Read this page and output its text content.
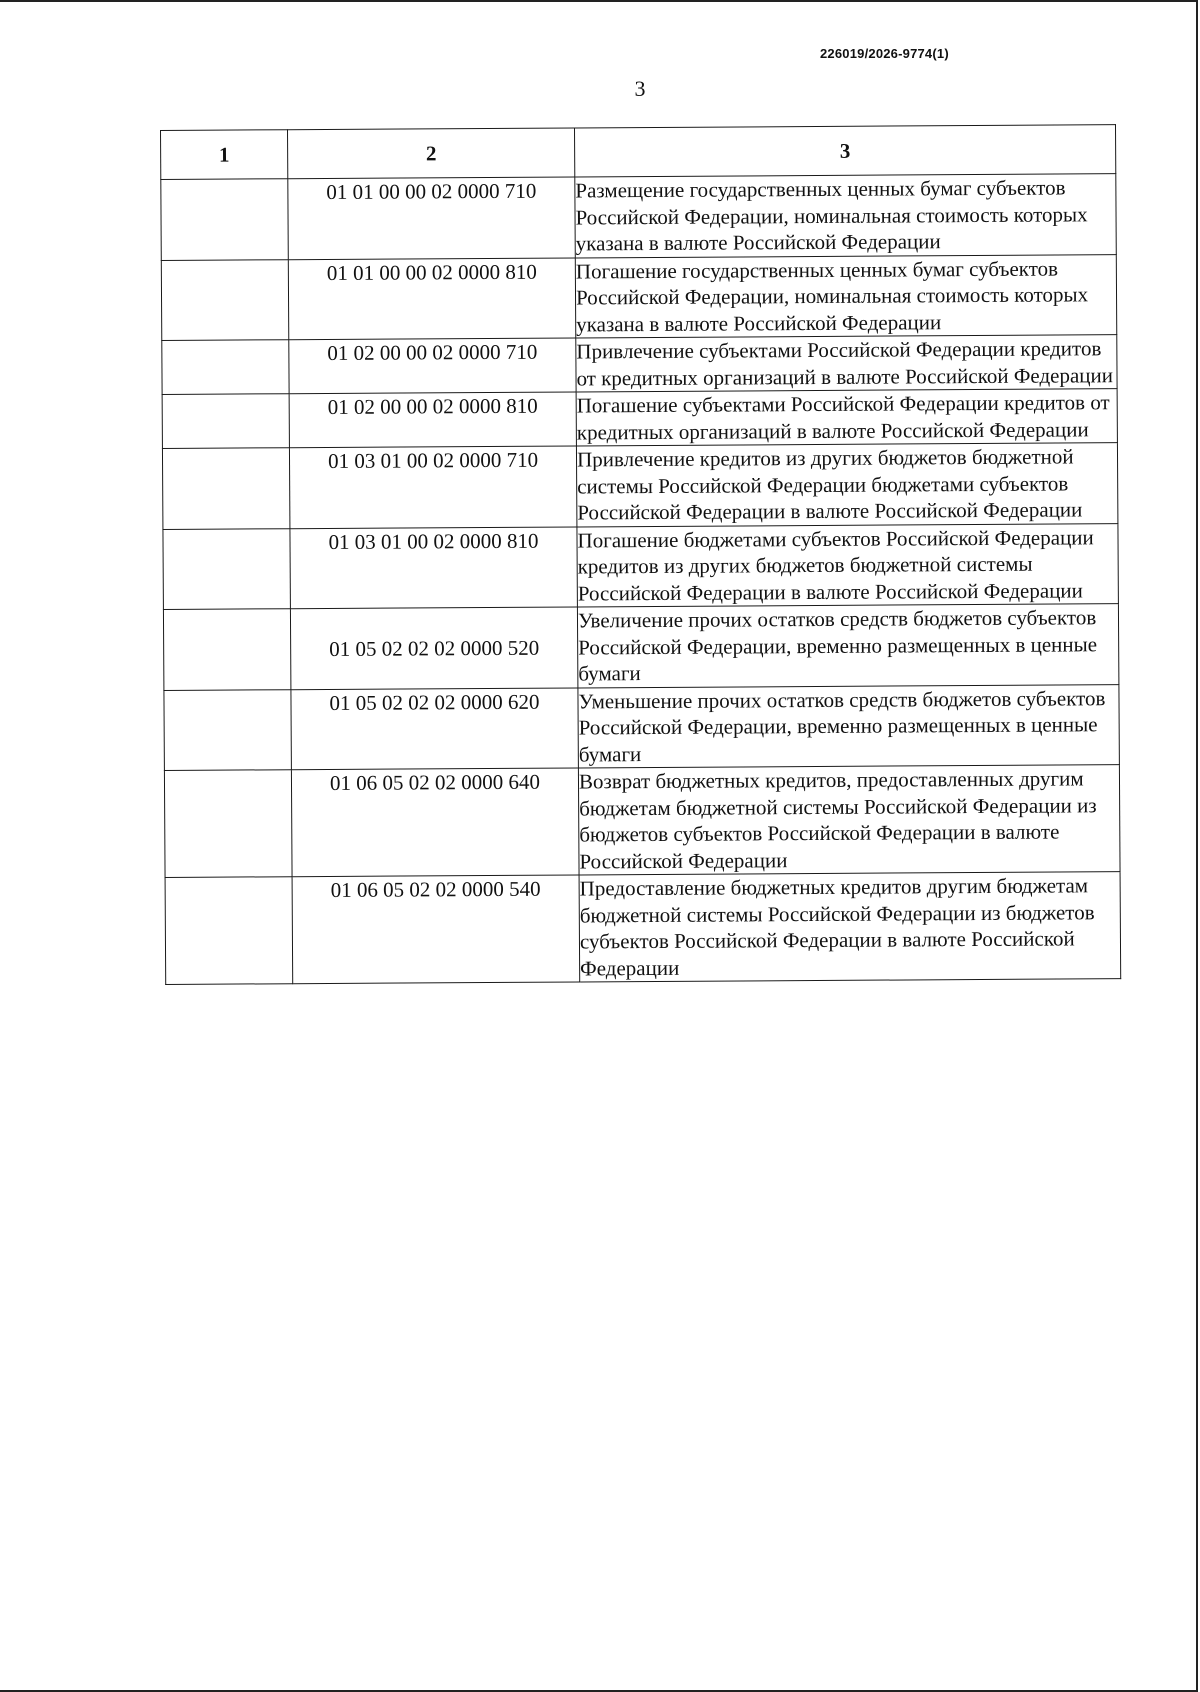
226019/2026-9774(1)
3
1	2	3
	01 01 00 00 02 0000 710	Размещение государственных ценных бумаг субъектов Российской Федерации, номинальная стоимость которых указана в валюте Российской Федерации
	01 01 00 00 02 0000 810	Погашение государственных ценных бумаг субъектов Российской Федерации, номинальная стоимость которых указана в валюте Российской Федерации
	01 02 00 00 02 0000 710	Привлечение субъектами Российской Федерации кредитов от кредитных организаций в валюте Российской Федерации
	01 02 00 00 02 0000 810	Погашение субъектами Российской Федерации кредитов от кредитных организаций в валюте Российской Федерации
	01 03 01 00 02 0000 710	Привлечение кредитов из других бюджетов бюджетной системы Российской Федерации бюджетами субъектов Российской Федерации в валюте Российской Федерации
	01 03 01 00 02 0000 810	Погашение бюджетами субъектов Российской Федерации кредитов из других бюджетов бюджетной системы Российской Федерации в валюте Российской Федерации
	01 05 02 02 02 0000 520	Увеличение прочих остатков средств бюджетов субъектов Российской Федерации, временно размещенных в ценные бумаги
	01 05 02 02 02 0000 620	Уменьшение прочих остатков средств бюджетов субъектов Российской Федерации, временно размещенных в ценные бумаги
	01 06 05 02 02 0000 640	Возврат бюджетных кредитов, предоставленных другим бюджетам бюджетной системы Российской Федерации из бюджетов субъектов Российской Федерации в валюте Российской Федерации
	01 06 05 02 02 0000 540	Предоставление бюджетных кредитов другим бюджетам бюджетной системы Российской Федерации из бюджетов субъектов Российской Федерации в валюте Российской Федерации
